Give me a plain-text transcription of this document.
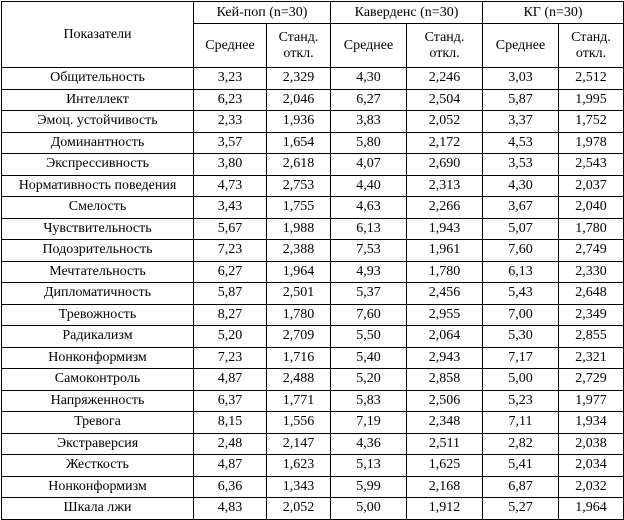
Показатели	Кей-поп (n=30)		Каверденс (n=30)		КГ (n=30)	
	Среднее	Станд. откл.	Среднее	Станд. откл.	Среднее	Станд. откл.
Общительность	3,23	2,329	4,30	2,246	3,03	2,512
Интеллект	6,23	2,046	6,27	2,504	5,87	1,995
Эмоц. устойчивость	2,33	1,936	3,83	2,052	3,37	1,752
Доминантность	3,57	1,654	5,80	2,172	4,53	1,978
Экспрессивность	3,80	2,618	4,07	2,690	3,53	2,543
Нормативность поведения	4,73	2,753	4,40	2,313	4,30	2,037
Смелость	3,43	1,755	4,63	2,266	3,67	2,040
Чувствительность	5,67	1,988	6,13	1,943	5,07	1,780
Подозрительность	7,23	2,388	7,53	1,961	7,60	2,749
Мечтательность	6,27	1,964	4,93	1,780	6,13	2,330
Дипломатичность	5,87	2,501	5,37	2,456	5,43	2,648
Тревожность	8,27	1,780	7,60	2,955	7,00	2,349
Радикализм	5,20	2,709	5,50	2,064	5,30	2,855
Нонконформизм	7,23	1,716	5,40	2,943	7,17	2,321
Самоконтроль	4,87	2,488	5,20	2,858	5,00	2,729
Напряженность	6,37	1,771	5,83	2,506	5,23	1,977
Тревога	8,15	1,556	7,19	2,348	7,11	1,934
Экстраверсия	2,48	2,147	4,36	2,511	2,82	2,038
Жесткость	4,87	1,623	5,13	1,625	5,41	2,034
Нонконформизм	6,36	1,343	5,99	2,168	6,87	2,032
Шкала лжи	4,83	2,052	5,00	1,912	5,27	1,964
